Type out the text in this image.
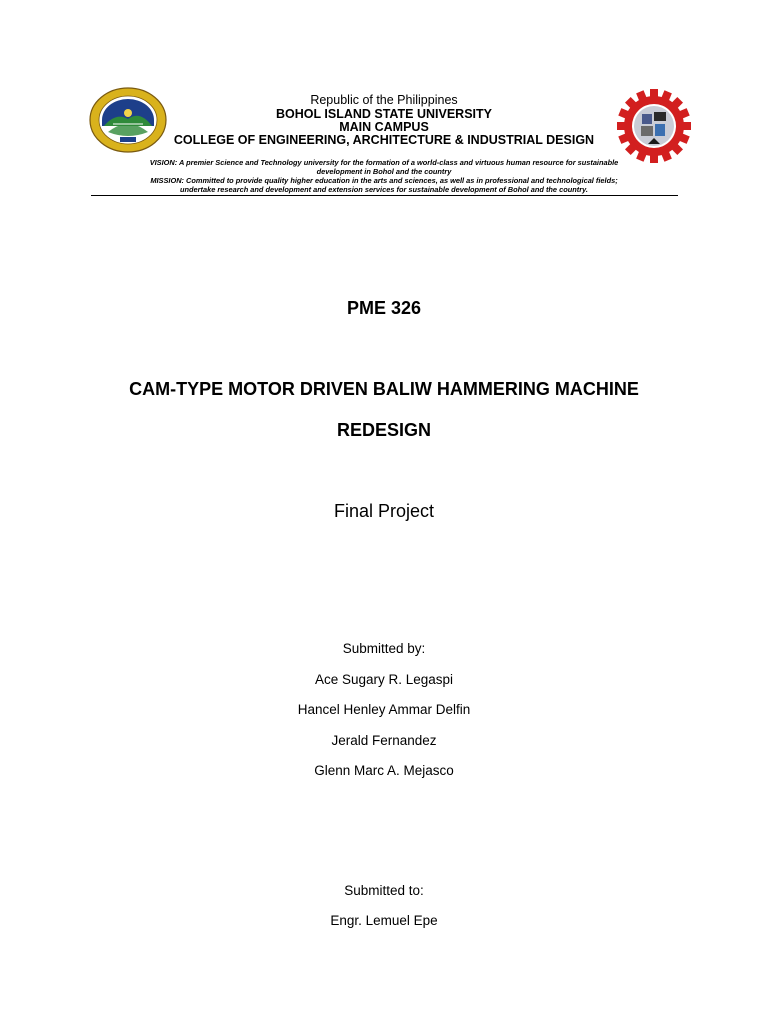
Republic of the Philippines
BOHOL ISLAND STATE UNIVERSITY
MAIN CAMPUS
COLLEGE OF ENGINEERING, ARCHITECTURE & INDUSTRIAL DESIGN
VISION: A premier Science and Technology university for the formation of a world-class and virtuous human resource for sustainable
development in Bohol and the country
MISSION: Committed to provide quality higher education in the arts and sciences, as well as in professional and technological fields;
undertake research and development and extension services for sustainable development of Bohol and the country.
PME 326
CAM-TYPE MOTOR DRIVEN BALIW HAMMERING MACHINE
REDESIGN
Final Project
Submitted by:
Ace Sugary R. Legaspi
Hancel Henley Ammar Delfin
Jerald Fernandez
Glenn Marc A. Mejasco
Submitted to:
Engr. Lemuel Epe
